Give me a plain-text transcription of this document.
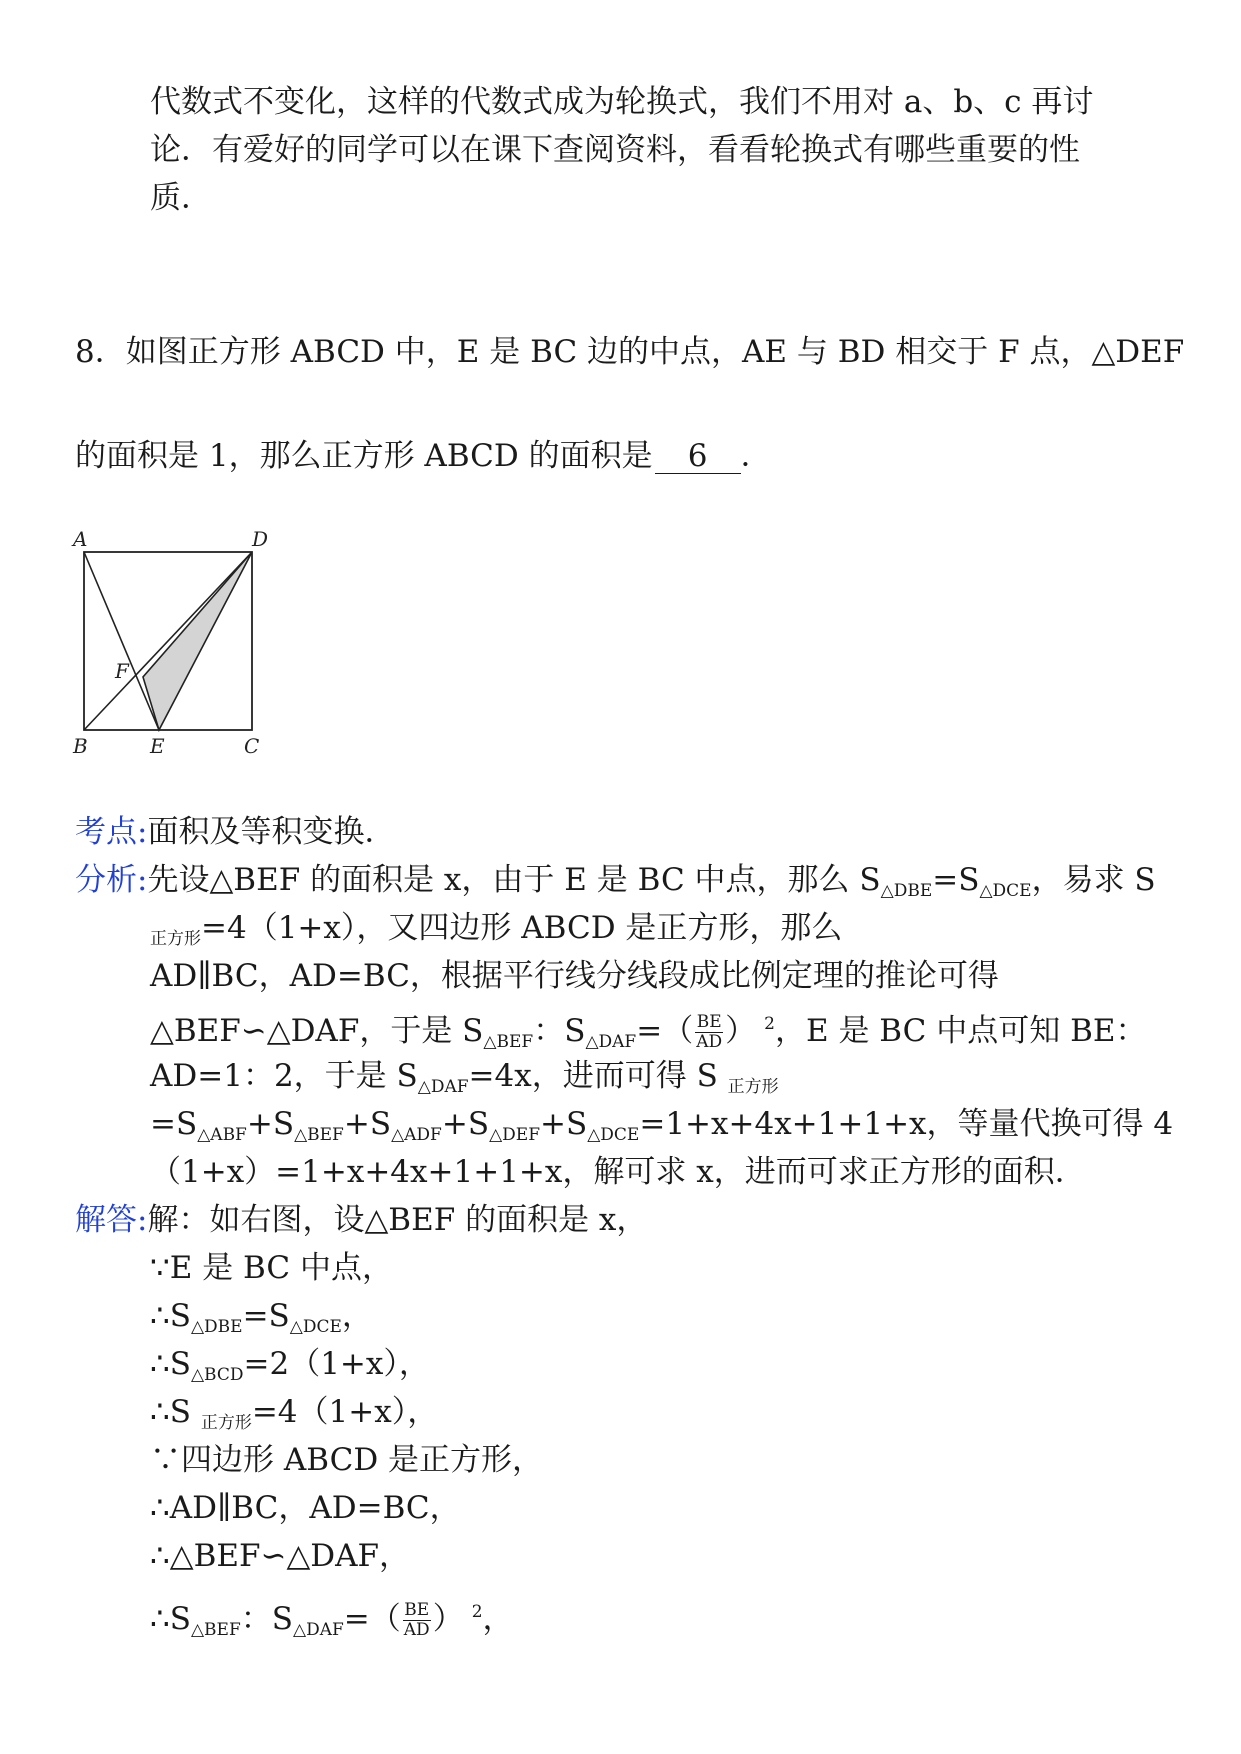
代数式不变化，这样的代数式成为轮换式，我们不用对 a、b、c 再讨
论．有爱好的同学可以在课下查阅资料，看看轮换式有哪些重要的性
质．
8．如图正方形 ABCD 中，E 是 BC 边的中点，AE 与 BD 相交于 F 点，△DEF
的面积是 1，那么正方形 ABCD 的面积是 6 ．
A	D
F
B	E	C
考点:面积及等积变换．
分析:先设△BEF 的面积是 x，由于 E 是 BC 中点，那么 $S_{\triangle DBE}=S_{\triangle DCE}$，易求 S
$_{正方形}$=4（1+x），又四边形 ABCD 是正方形，那么
AD∥BC，AD=BC，根据平行线分线段成比例定理的推论可得
△BEF∽△DAF，于是 $S_{\triangle BEF}$：$S_{\triangle DAF}=( \frac{BE}{AD}$ ） $^2$，E 是 BC 中点可知 BE：
AD=1：2，于是 $S_{\triangle DAF}=4x$，进而可得 S $_{正方形}$
$=S_{\triangle ABF}+S_{\triangle BEF}+S_{\triangle ADF}+S_{\triangle DEF}+S_{\triangle DCE}=1+x+4x+1+1+x$，等量代换可得 4
（1+x）=1+x+4x+1+1+x，解可求 x，进而可求正方形的面积．
解答:解：如右图，设△BEF 的面积是 x，
∵E 是 BC 中点，
$\therefore S_{\triangle DBE}=S_{\triangle DCE}$，
$\therefore S_{\triangle BCD}=2(1+x)$，
∴S $_{正方形}$=4（1+x），
∵四边形 ABCD 是正方形，
∴AD∥BC，AD=BC，
∴△BEF∽△DAF，
$\therefore S_{\triangle BEF}$：$S_{\triangle DAF}=( \frac{BE}{AD}$ ） $^2$，
